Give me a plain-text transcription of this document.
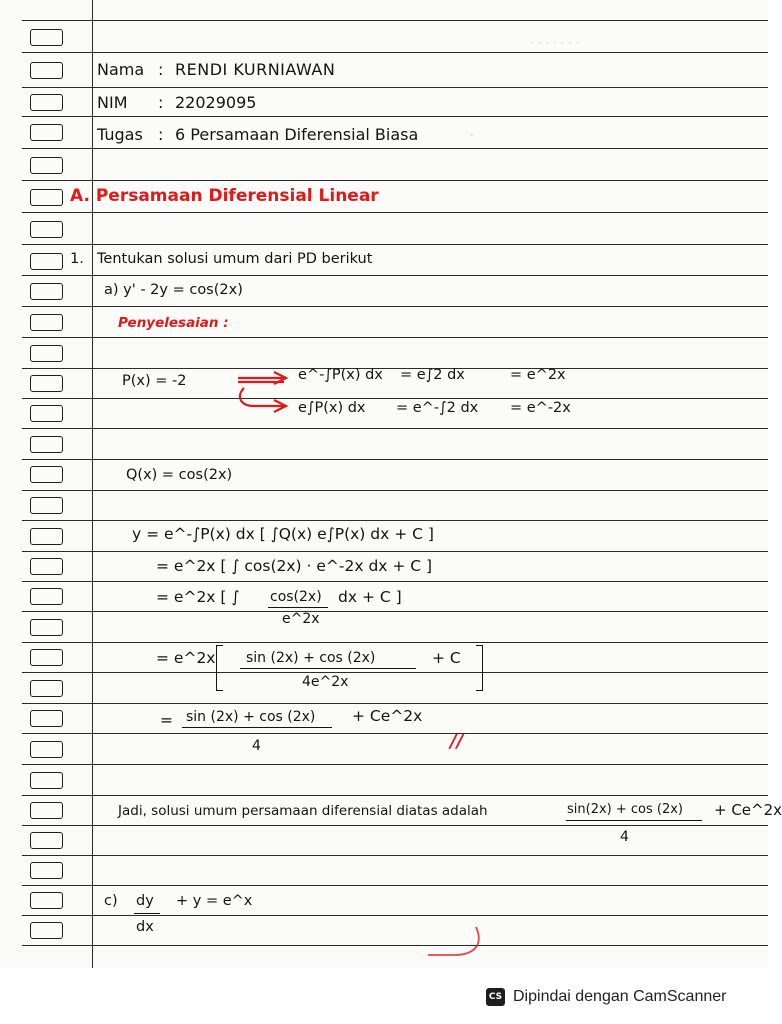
· · · · · · ·
·
Nama : RENDI KURNIAWAN
NIM : 22029095
Tugas : 6 Persamaan Diferensial Biasa
A. Persamaan Diferensial Linear
1. Tentukan solusi umum dari PD berikut
a) y' - 2y = cos(2x)
Penyelesaian :
P(x) = -2	e^-∫P(x) dx = e∫2 dx	= e^2x
e∫P(x) dx = e^-∫2 dx = e^-2x
Q(x) = cos(2x)
y = e^-∫P(x) dx [ ∫Q(x) e∫P(x) dx + C ]
= e^2x [ ∫ cos(2x) · e^-2x dx + C ]
= e^2x [ ∫ cos(2x)
e^2x
dx + C ]
= e^2x sin (2x) + cos (2x)
4e^2x
+ C
= sin (2x) + cos (2x)
4
+ Ce^2x
//
Jadi, solusi umum persamaan diferensial diatas adalah	sin(2x) + cos (2x)
4
+ Ce^2x
c) dy
dx
+ y = e^x
CS Dipindai dengan CamScanner
